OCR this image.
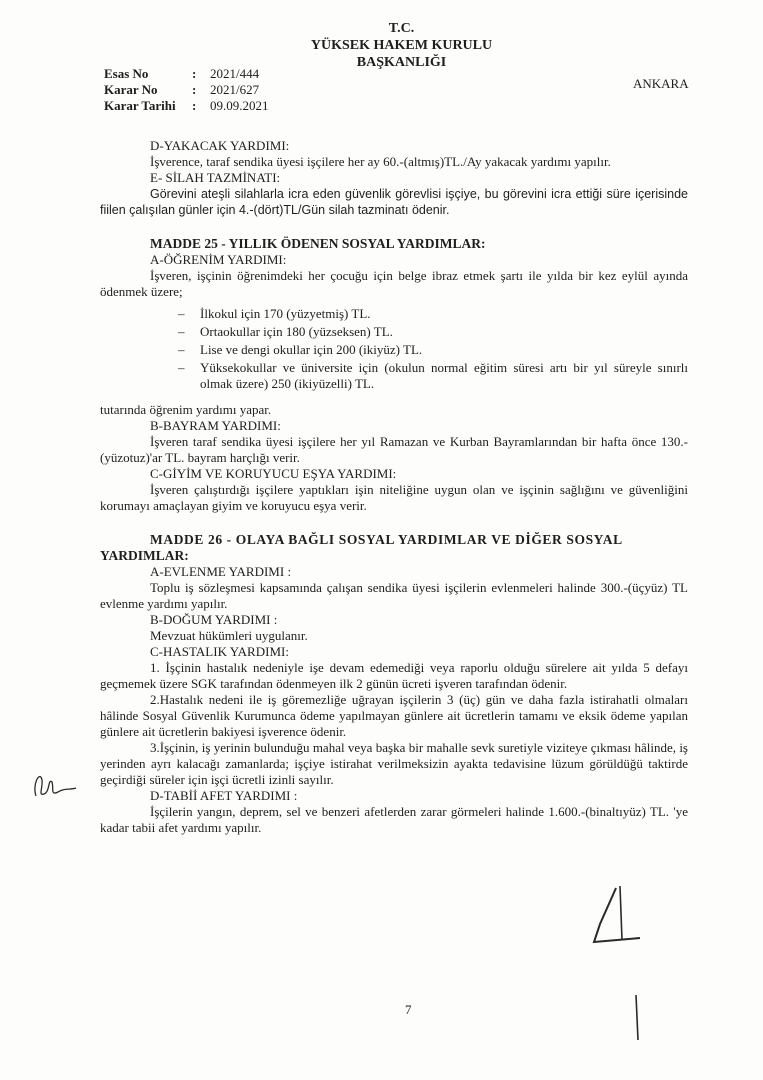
T.C.
YÜKSEK HAKEM KURULU
BAŞKANLIĞI
Esas No	:	2021/444
Karar No	:	2021/627
Karar Tarihi	:	09.09.2021
ANKARA
D-YAKACAK YARDIMI:

İşverence, taraf sendika üyesi işçilere her ay 60.-(altmış)TL./Ay yakacak yardımı yapılır.

E- SİLAH TAZMİNATI:

Görevini ateşli silahlarla icra eden güvenlik görevlisi işçiye, bu görevini icra ettiği süre içerisinde fiilen çalışılan günler için 4.-(dört)TL/Gün silah tazminatı ödenir.

MADDE 25 - YILLIK ÖDENEN SOSYAL YARDIMLAR:
A-ÖĞRENİM YARDIMI:

İşveren, işçinin öğrenimdeki her çocuğu için belge ibraz etmek şartı ile yılda bir kez eylül ayında ödenmek üzere;

– İlkokul için 170 (yüzyetmiş) TL.
– Ortaokullar için 180 (yüzseksen) TL.
– Lise ve dengi okullar için 200 (ikiyüz) TL.
– Yüksekokullar ve üniversite için (okulun normal eğitim süresi artı bir yıl süreyle sınırlı olmak üzere) 250 (ikiyüzelli) TL.
tutarında öğrenim yardımı yapar.
B-BAYRAM YARDIMI:

İşveren taraf sendika üyesi işçilere her yıl Ramazan ve Kurban Bayramlarından bir hafta önce 130.-(yüzotuz)'ar TL. bayram harçlığı verir.

C-GİYİM VE KORUYUCU EŞYA YARDIMI:

İşveren çalıştırdığı işçilere yaptıkları işin niteliğine uygun olan ve işçinin sağlığını ve güvenliğini korumayı amaçlayan giyim ve koruyucu eşya verir.

MADDE 26 - OLAYA BAĞLI SOSYAL YARDIMLAR VE DİĞER SOSYAL
YARDIMLAR:
A-EVLENME YARDIMI :

Toplu iş sözleşmesi kapsamında çalışan sendika üyesi işçilerin evlenmeleri halinde 300.-(üçyüz) TL evlenme yardımı yapılır.

B-DOĞUM YARDIMI :

Mevzuat hükümleri uygulanır.

C-HASTALIK YARDIMI:

1. İşçinin hastalık nedeniyle işe devam edemediği veya raporlu olduğu sürelere ait yılda 5 defayı geçmemek üzere SGK tarafından ödenmeyen ilk 2 günün ücreti işveren tarafından ödenir.

2.Hastalık nedeni ile iş göremezliğe uğrayan işçilerin 3 (üç) gün ve daha fazla istirahatli olmaları hâlinde Sosyal Güvenlik Kurumunca ödeme yapılmayan günlere ait ücretlerin tamamı ve eksik ödeme yapılan günlere ait ücretlerin bakiyesi işverence ödenir.

3.İşçinin, iş yerinin bulunduğu mahal veya başka bir mahalle sevk suretiyle viziteye çıkması hâlinde, iş yerinden ayrı kalacağı zamanlarda; işçiye istirahat verilmeksizin ayakta tedavisine lüzum görüldüğü taktirde geçirdiği süreler için işçi ücretli izinli sayılır.

D-TABİİ AFET YARDIMI :

İşçilerin yangın, deprem, sel ve benzeri afetlerden zarar görmeleri halinde 1.600.-(binaltıyüz) TL. 'ye kadar tabii afet yardımı yapılır.

7
